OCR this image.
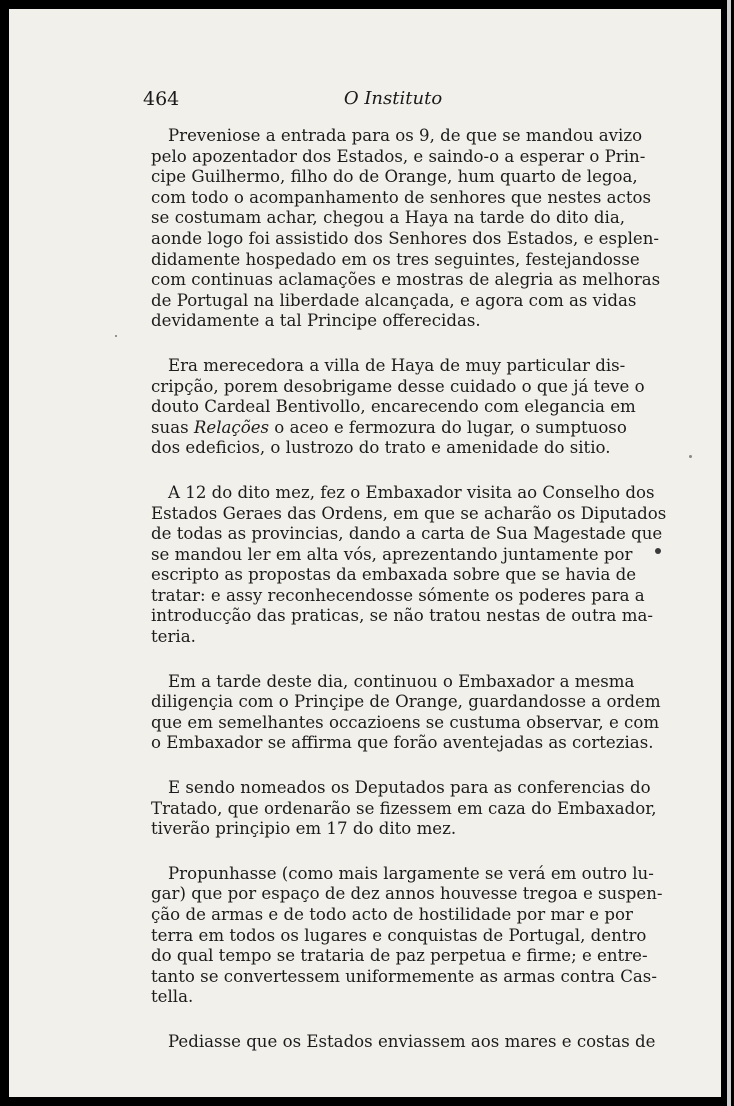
464	O Instituto
Preveniose a entrada para os 9, de que se mandou avizo
pelo apozentador dos Estados, e saindo-o a esperar o Prin-
cipe Guilhermo, filho do de Orange, hum quarto de legoa,
com todo o acompanhamento de senhores que nestes actos
se costumam achar, chegou a Haya na tarde do dito dia,
aonde logo foi assistido dos Senhores dos Estados, e esplen-
didamente hospedado em os tres seguintes, festejandosse
com continuas aclamações e mostras de alegria as melhoras
de Portugal na liberdade alcançada, e agora com as vidas
devidamente a tal Principe offerecidas.
Era merecedora a villa de Haya de muy particular dis-
cripção, porem desobrigame desse cuidado o que já teve o
douto Cardeal Bentivollo, encarecendo com elegancia em
suas Relações o aceo e fermozura do lugar, o sumptuoso
dos edeficios, o lustrozo do trato e amenidade do sitio.
A 12 do dito mez, fez o Embaxador visita ao Conselho dos
Estados Geraes das Ordens, em que se acharão os Diputados
de todas as provincias, dando a carta de Sua Magestade que
se mandou ler em alta vós, aprezentando juntamente por
escripto as propostas da embaxada sobre que se havia de
tratar: e assy reconhecendosse sómente os poderes para a
introducção das praticas, se não tratou nestas de outra ma-
teria.
Em a tarde deste dia, continuou o Embaxador a mesma
diligençia com o Prinçipe de Orange, guardandosse a ordem
que em semelhantes occazioens se custuma observar, e com
o Embaxador se affirma que forão aventejadas as cortezias.
E sendo nomeados os Deputados para as conferencias do
Tratado, que ordenarão se fizessem em caza do Embaxador,
tiverão prinçipio em 17 do dito mez.
Propunhasse (como mais largamente se verá em outro lu-
gar) que por espaço de dez annos houvesse tregoa e suspen-
ção de armas e de todo acto de hostilidade por mar e por
terra em todos os lugares e conquistas de Portugal, dentro
do qual tempo se trataria de paz perpetua e firme; e entre-
tanto se convertessem uniformemente as armas contra Cas-
tella.
Pediasse que os Estados enviassem aos mares e costas de
